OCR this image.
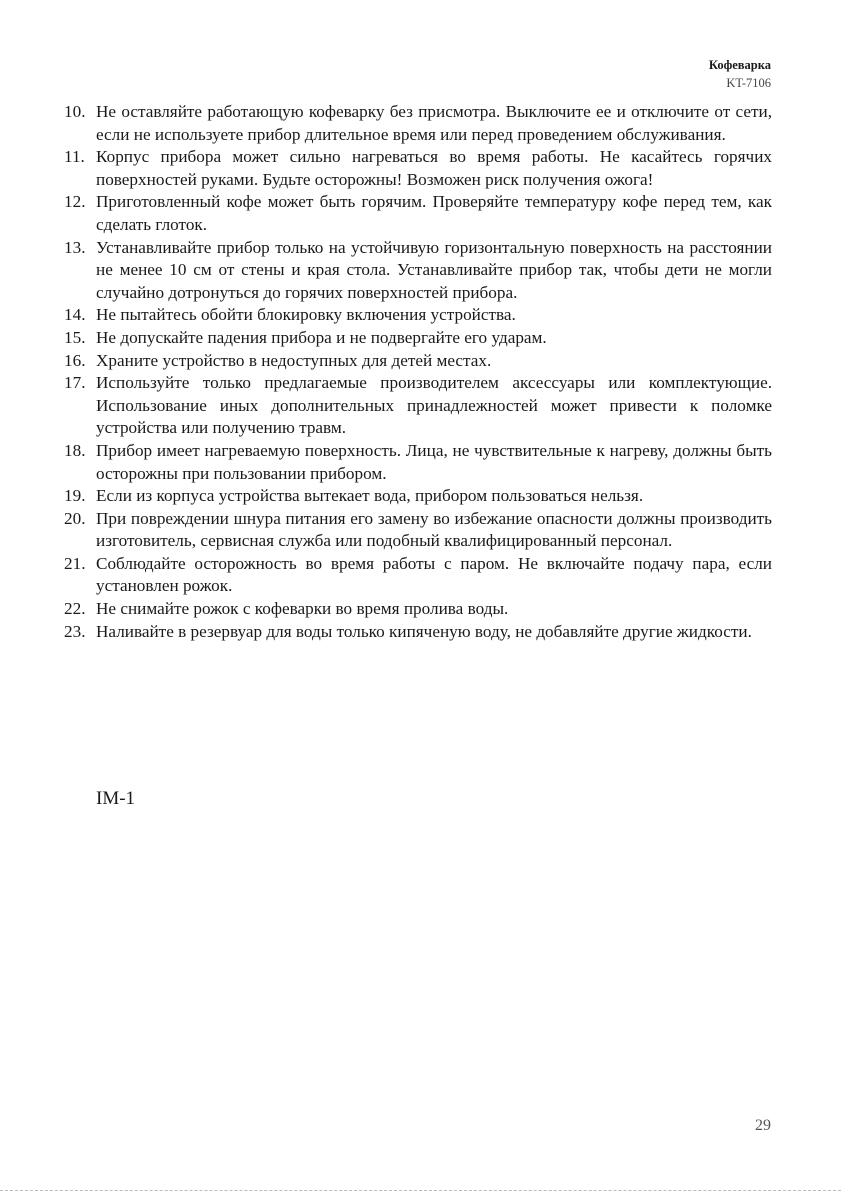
Кофеварка
KT-7106
10. Не оставляйте работающую кофеварку без присмотра. Выключите ее и отключите от сети, если не используете прибор длительное время или перед проведением обслуживания.
11. Корпус прибора может сильно нагреваться во время работы. Не касайтесь горячих поверхностей руками. Будьте осторожны! Возможен риск получения ожога!
12. Приготовленный кофе может быть горячим. Проверяйте температуру кофе перед тем, как сделать глоток.
13. Устанавливайте прибор только на устойчивую горизонтальную поверхность на расстоянии не менее 10 см от стены и края стола. Устанавливайте прибор так, чтобы дети не могли случайно дотронуться до горячих поверхностей прибора.
14. Не пытайтесь обойти блокировку включения устройства.
15. Не допускайте падения прибора и не подвергайте его ударам.
16. Храните устройство в недоступных для детей местах.
17. Используйте только предлагаемые производителем аксессуары или комплектующие. Использование иных дополнительных принадлежностей может привести к поломке устройства или получению травм.
18. Прибор имеет нагреваемую поверхность. Лица, не чувствительные к нагреву, должны быть осторожны при пользовании прибором.
19. Если из корпуса устройства вытекает вода, прибором пользоваться нельзя.
20. При повреждении шнура питания его замену во избежание опасности должны производить изготовитель, сервисная служба или подобный квалифицированный персонал.
21. Соблюдайте осторожность во время работы с паром. Не включайте подачу пара, если установлен рожок.
22. Не снимайте рожок с кофеварки во время пролива воды.
23. Наливайте в резервуар для воды только кипяченую воду, не добавляйте другие жидкости.
IM-1
29
